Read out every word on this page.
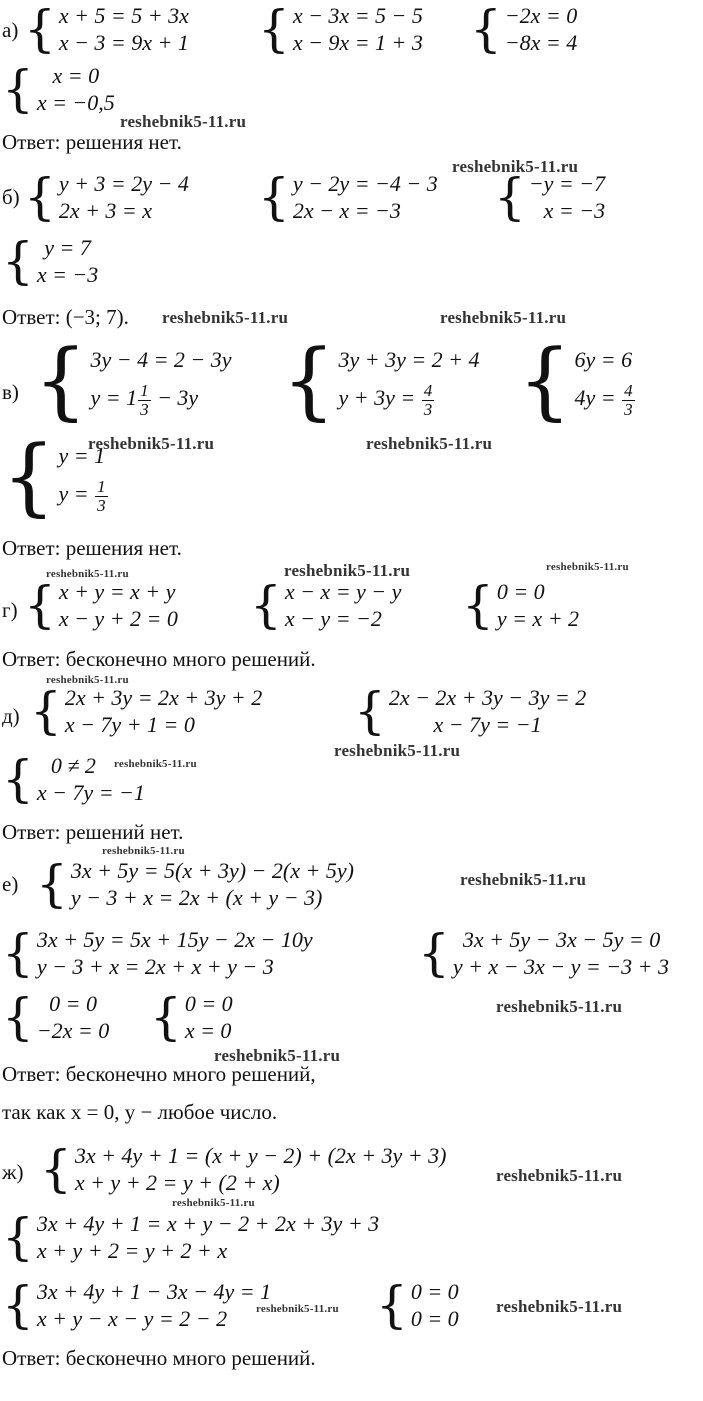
а) { x + 5 = 5 + 3x
x − 3 = 9x + 1 { x − 3x = 5 − 5
x − 9x = 1 + 3 { −2x = 0
−8x = 4
{ x = 0
x = −0,5
reshebnik5-11.ru
Ответ: решения нет.
reshebnik5-11.ru
б) { y + 3 = 2y − 4
2x + 3 = x	{ y − 2y = −4 − 3
2x − x = −3	{ −y = −7
x = −3
{ y = 7
x = −3
Ответ: (−3; 7). reshebnik5-11.ru	reshebnik5-11.ru
в) { 3y − 4 = 2 − 3y
$y = 1 \frac{1}{3} - 3y$ { 3y + 3y = 2 + 4
$y + 3y = \frac{4}{3}$ { 6y = 6
$4y = \frac{4}{3}$
{ y = 1
$y = \frac{1}{3}$
reshebnik5-11.ru	reshebnik5-11.ru
Ответ: решения нет.
reshebnik5-11.ru	reshebnik5-11.ru	reshebnik5-11.ru
г) { x + y = x + y
x − y + 2 = 0 { x − x = y − y
x − y = −2	{ 0 = 0
y = x + 2
Ответ: бесконечно много решений.
reshebnik5-11.ru
д) { 2x + 3y = 2x + 3y + 2
x − 7y + 1 = 0	{ 2x − 2x + 3y − 3y = 2
x − 7y = −1
reshebnik5-11.ru
{ 0 ≠ 2
x − 7y = −1
reshebnik5-11.ru
Ответ: решений нет.
reshebnik5-11.ru
е) { 3x + 5y = 5(x + 3y) − 2(x + 5y)
y − 3 + x = 2x + (x + y − 3)
reshebnik5-11.ru
{ 3x + 5y = 5x + 15y − 2x − 10y
y − 3 + x = 2x + x + y − 3	{ 3x + 5y − 3x − 5y = 0
y + x − 3x − y = −3 + 3
{ 0 = 0
−2x = 0 { 0 = 0
x = 0
reshebnik5-11.ru
reshebnik5-11.ru
Ответ: бесконечно много решений,
так как x = 0, y − любое число.
ж) { 3x + 4y + 1 = (x + y − 2) + (2x + 3y + 3)
x + y + 2 = y + (2 + x)	reshebnik5-11.ru
reshebnik5-11.ru
{ 3x + 4y + 1 = x + y − 2 + 2x + 3y + 3
x + y + 2 = y + 2 + x
{ 3x + 4y + 1 − 3x − 4y = 1
x + y − x − y = 2 − 2	reshebnik5-11.ru { 0 = 0
0 = 0 reshebnik5-11.ru
Ответ: бесконечно много решений.
